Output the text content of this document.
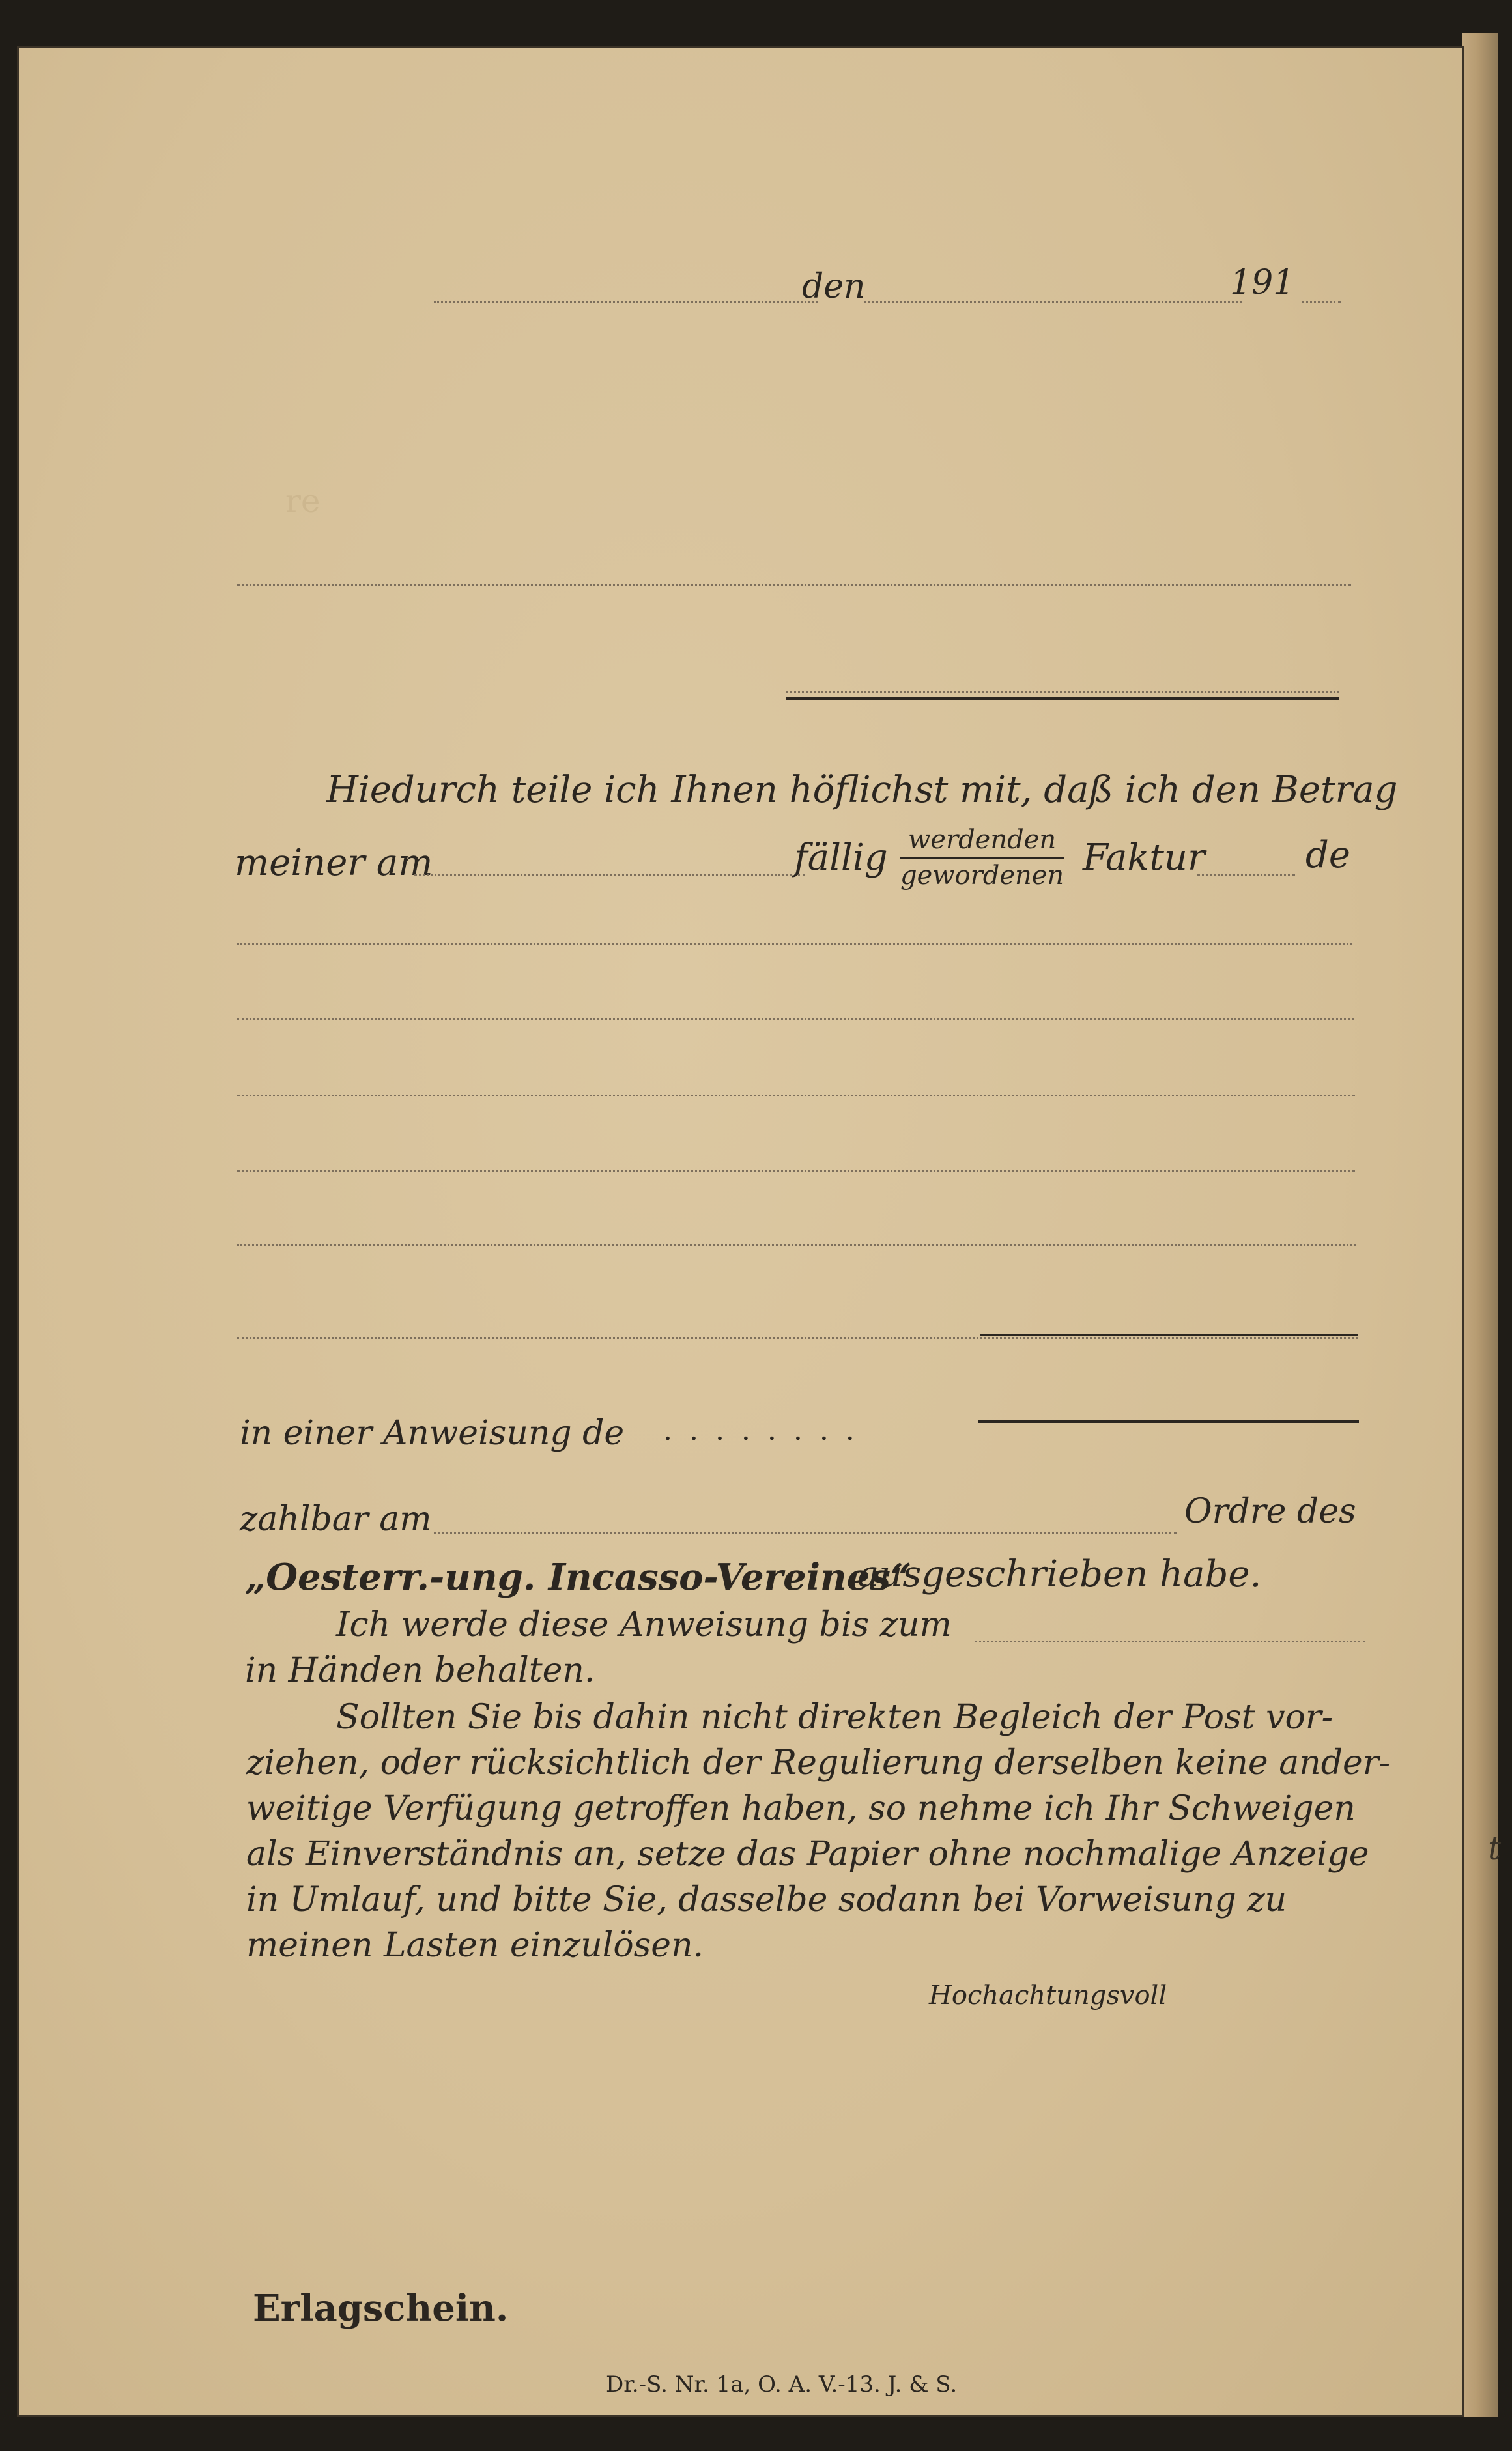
den	191
re
Hiedurch teile ich Ihnen höflichst mit, daß ich den Betrag
meiner am	fällig werdenden
gewordenen Faktur	de
in einer Anweisung de . . . . . . . .
zahlbar am	Ordre des
„Oesterr.-ung. Incasso-Vereines“
ausgeschrieben habe.
Ich werde diese Anweisung bis zum
in Händen behalten.
Sollten Sie bis dahin nicht direkten Begleich der Post vor-
ziehen, oder rücksichtlich der Regulierung derselben keine ander-
weitige Verfügung getroffen haben, so nehme ich Ihr Schweigen
als Einverständnis an, setze das Papier ohne nochmalige Anzeige
in Umlauf, und bitte Sie, dasselbe sodann bei Vorweisung zu
meinen Lasten einzulösen.
Hochachtungsvoll
Erlagschein.
Dr.-S. Nr. 1a, O. A. V.-13. J. & S.
t
